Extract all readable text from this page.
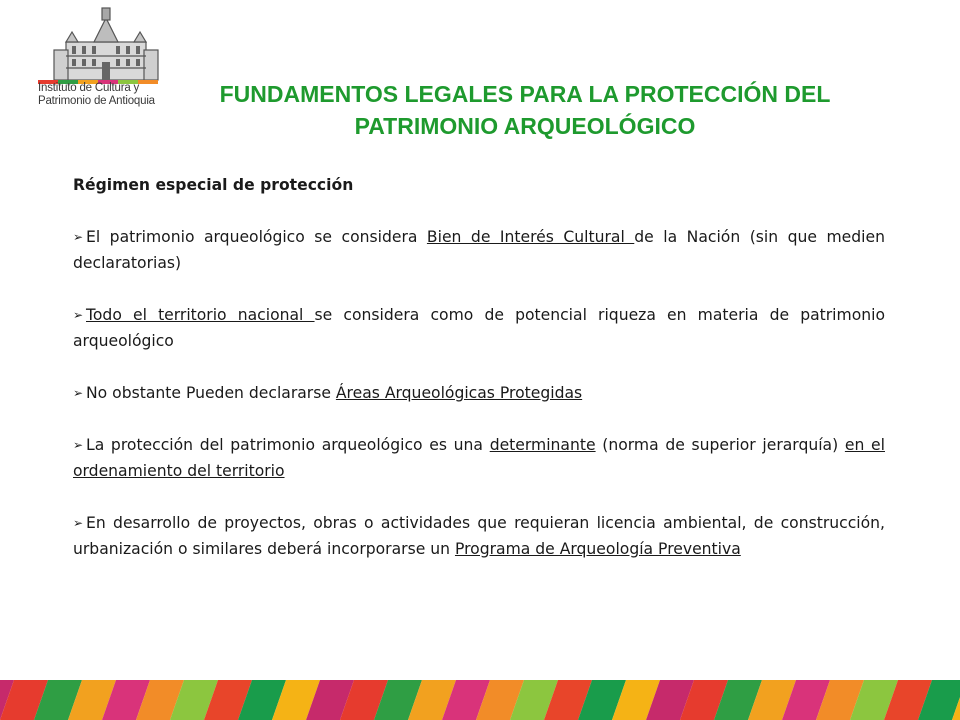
Instituto de Cultura y
Patrimonio de Antioquia	FUNDAMENTOS LEGALES PARA LA PROTECCIÓN DEL
PATRIMONIO ARQUEOLÓGICO

Régimen especial de protección

➢ El patrimonio arqueológico se considera Bien de Interés Cultural de la Nación (sin que medien declaratorias)

➢ Todo el territorio nacional se considera como de potencial riqueza en materia de patrimonio arqueológico

➢ No obstante Pueden declararse Áreas Arqueológicas Protegidas

➢ La protección del patrimonio arqueológico es una determinante (norma de superior jerarquía) en el ordenamiento del territorio

➢ En desarrollo de proyectos, obras o actividades que requieran licencia ambiental, de construcción, urbanización o similares deberá incorporarse un Programa de Arqueología Preventiva
